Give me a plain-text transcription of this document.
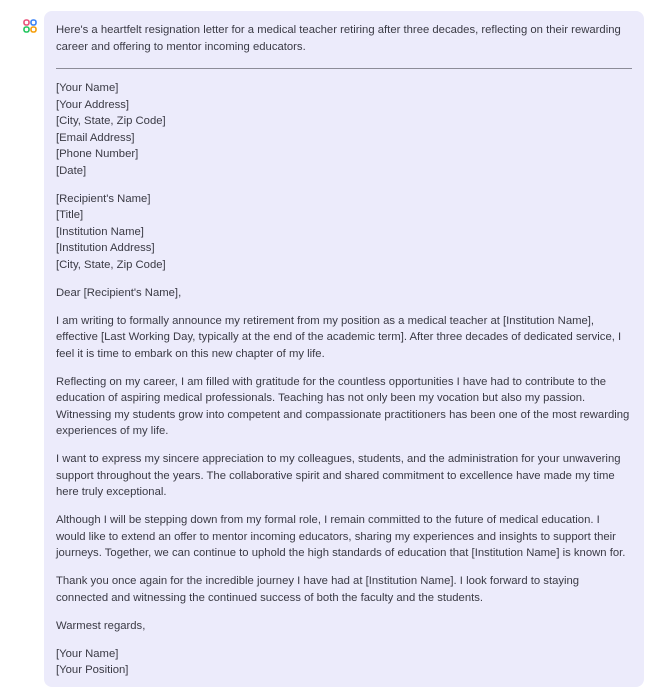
Here's a heartfelt resignation letter for a medical teacher retiring after three decades, reflecting on their rewarding career and offering to mentor incoming educators.

[Your Name]
[Your Address]
[City, State, Zip Code]
[Email Address]
[Phone Number]
[Date]

[Recipient's Name]
[Title]
[Institution Name]
[Institution Address]
[City, State, Zip Code]

Dear [Recipient's Name],

I am writing to formally announce my retirement from my position as a medical teacher at [Institution Name], effective [Last Working Day, typically at the end of the academic term]. After three decades of dedicated service, I feel it is time to embark on this new chapter of my life.

Reflecting on my career, I am filled with gratitude for the countless opportunities I have had to contribute to the education of aspiring medical professionals. Teaching has not only been my vocation but also my passion. Witnessing my students grow into competent and compassionate practitioners has been one of the most rewarding experiences of my life.

I want to express my sincere appreciation to my colleagues, students, and the administration for your unwavering support throughout the years. The collaborative spirit and shared commitment to excellence have made my time here truly exceptional.

Although I will be stepping down from my formal role, I remain committed to the future of medical education. I would like to extend an offer to mentor incoming educators, sharing my experiences and insights to support their journeys. Together, we can continue to uphold the high standards of education that [Institution Name] is known for.

Thank you once again for the incredible journey I have had at [Institution Name]. I look forward to staying connected and witnessing the continued success of both the faculty and the students.

Warmest regards,

[Your Name]
[Your Position]
